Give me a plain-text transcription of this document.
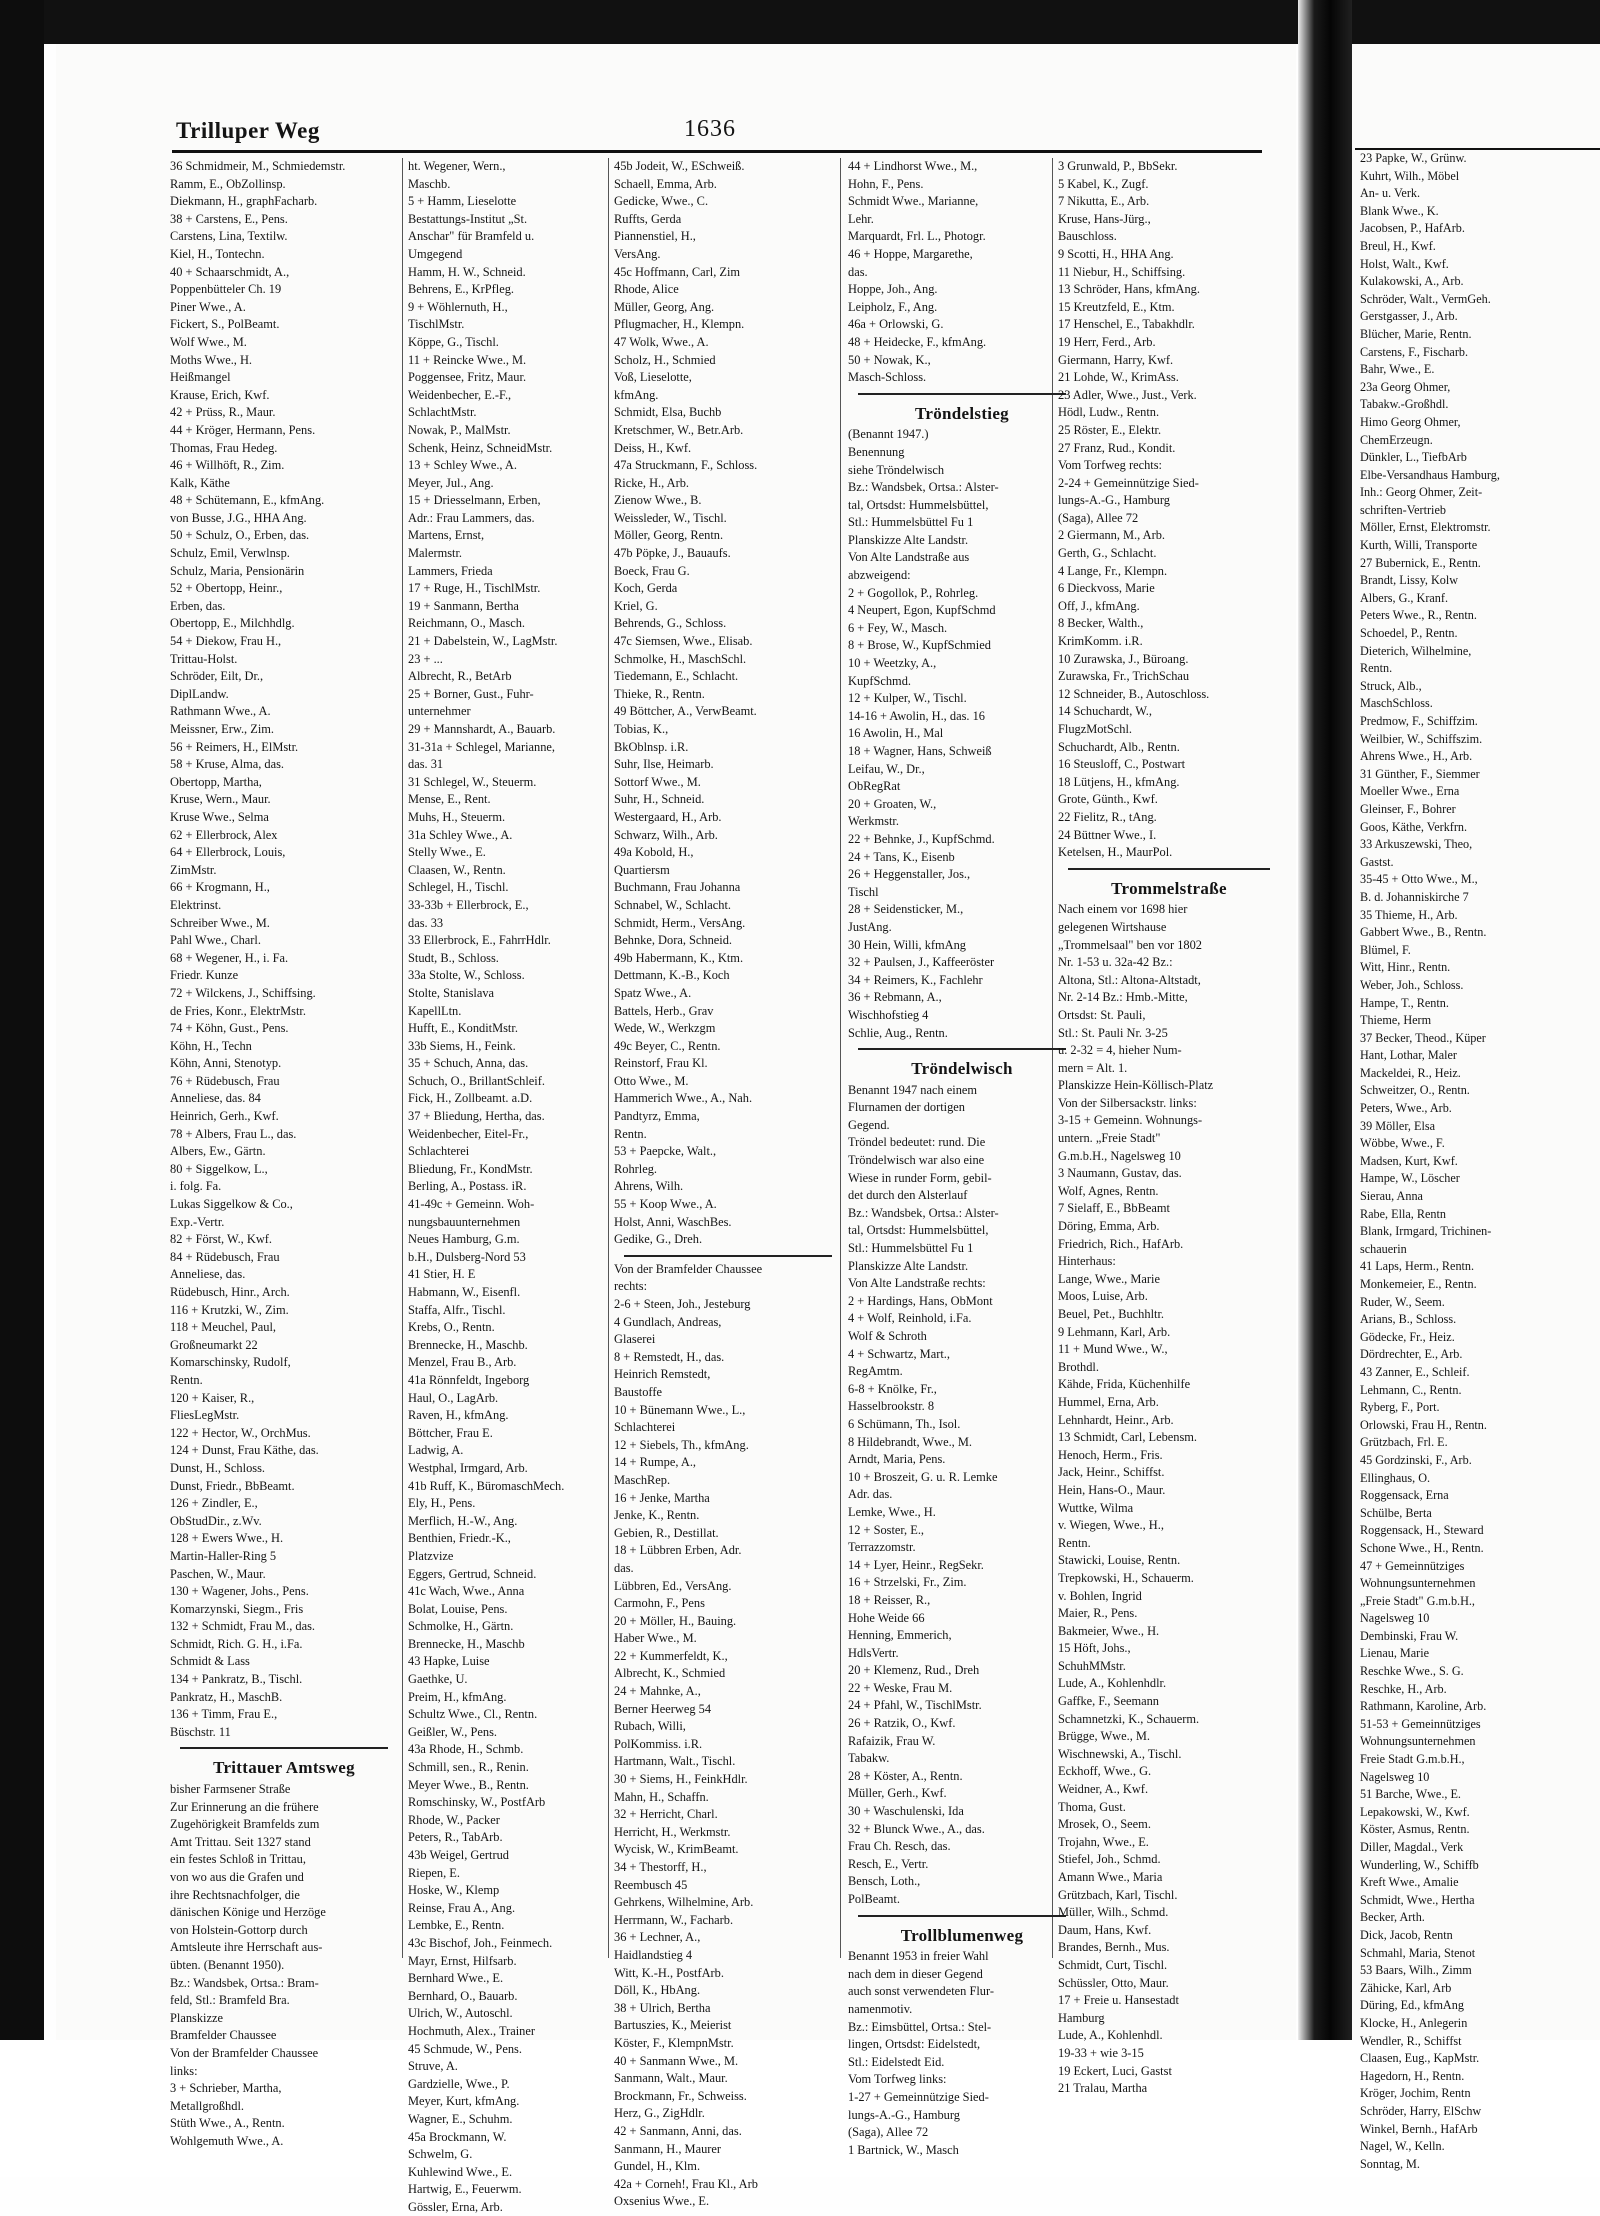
Trilluper Weg	1636
36 Schmidmeir, M., Schmiedemstr.
Ramm, E., ObZollinsp.
Diekmann, H., graphFacharb.
38 + Carstens, E., Pens.
Carstens, Lina, Textilw.
Kiel, H., Tontechn.
40 + Schaarschmidt, A.,
Poppenbütteler Ch. 19
Piner Wwe., A.
Fickert, S., PolBeamt.
Wolf Wwe., M.
Moths Wwe., H.
Heißmangel
Krause, Erich, Kwf.
42 + Prüss, R., Maur.
44 + Kröger, Hermann, Pens.
Thomas, Frau Hedeg.
46 + Willhöft, R., Zim.
Kalk, Käthe
48 + Schütemann, E., kfmAng.
von Busse, J.G., HHA Ang.
50 + Schulz, O., Erben, das.
Schulz, Emil, Verwlnsp.
Schulz, Maria, Pensionärin
52 + Obertopp, Heinr.,
Erben, das.
Obertopp, E., Milchhdlg.
54 + Diekow, Frau H.,
Trittau-Holst.
Schröder, Eilt, Dr.,
DiplLandw.
Rathmann Wwe., A.
Meissner, Erw., Zim.
56 + Reimers, H., ElMstr.
58 + Kruse, Alma, das.
Obertopp, Martha,
Kruse, Wern., Maur.
Kruse Wwe., Selma
62 + Ellerbrock, Alex
64 + Ellerbrock, Louis,
ZimMstr.
66 + Krogmann, H.,
Elektrinst.
Schreiber Wwe., M.
Pahl Wwe., Charl.
68 + Wegener, H., i. Fa.
Friedr. Kunze
72 + Wilckens, J., Schiffsing.
de Fries, Konr., ElektrMstr.
74 + Köhn, Gust., Pens.
Köhn, H., Techn
Köhn, Anni, Stenotyp.
76 + Rüdebusch, Frau
Anneliese, das. 84
Heinrich, Gerh., Kwf.
78 + Albers, Frau L., das.
Albers, Ew., Gärtn.
80 + Siggelkow, L.,
i. folg. Fa.
Lukas Siggelkow & Co.,
Exp.-Vertr.
82 + Först, W., Kwf.
84 + Rüdebusch, Frau
Anneliese, das.
Rüdebusch, Hinr., Arch.
116 + Krutzki, W., Zim.
118 + Meuchel, Paul,
Großneumarkt 22
Komarschinsky, Rudolf,
Rentn.
120 + Kaiser, R.,
FliesLegMstr.
122 + Hector, W., OrchMus.
124 + Dunst, Frau Käthe, das.
Dunst, H., Schloss.
Dunst, Friedr., BbBeamt.
126 + Zindler, E.,
ObStudDir., z.Wv.
128 + Ewers Wwe., H.
Martin-Haller-Ring 5
Paschen, W., Maur.
130 + Wagener, Johs., Pens.
Komarzynski, Siegm., Fris
132 + Schmidt, Frau M., das.
Schmidt, Rich. G. H., i.Fa.
Schmidt & Lass
134 + Pankratz, B., Tischl.
Pankratz, H., MaschB.
136 + Timm, Frau E.,
Büschstr. 11
Trittauer Amtsweg
bisher Farmsener Straße
Zur Erinnerung an die frühere
Zugehörigkeit Bramfelds zum
Amt Trittau. Seit 1327 stand
ein festes Schloß in Trittau,
von wo aus die Grafen und
ihre Rechtsnachfolger, die
dänischen Könige und Herzöge
von Holstein-Gottorp durch
Amtsleute ihre Herrschaft aus-
übten. (Benannt 1950).
Bz.: Wandsbek, Ortsa.: Bram-
feld, Stl.: Bramfeld Bra.
Planskizze
Bramfelder Chaussee
Von der Bramfelder Chaussee
links:
3 + Schrieber, Martha,
Metallgroßhdl.
Stüth Wwe., A., Rentn.
Wohlgemuth Wwe., A.
ht. Wegener, Wern.,
Maschb.
5 + Hamm, Lieselotte
Bestattungs-Institut „St.
Anschar" für Bramfeld u.
Umgegend
Hamm, H. W., Schneid.
Behrens, E., KrPfleg.
9 + Wöhlernuth, H.,
TischlMstr.
Köppe, G., Tischl.
11 + Reincke Wwe., M.
Poggensee, Fritz, Maur.
Weidenbecher, E.-F.,
SchlachtMstr.
Nowak, P., MalMstr.
Schenk, Heinz, SchneidMstr.
13 + Schley Wwe., A.
Meyer, Jul., Ang.
15 + Driesselmann, Erben,
Adr.: Frau Lammers, das.
Martens, Ernst,
Malermstr.
Lammers, Frieda
17 + Ruge, H., TischlMstr.
19 + Sanmann, Bertha
Reichmann, O., Masch.
21 + Dabelstein, W., LagMstr.
23 + ...
Albrecht, R., BetArb
25 + Borner, Gust., Fuhr-
unternehmer
29 + Mannshardt, A., Bauarb.
31-31a + Schlegel, Marianne,
das. 31
31 Schlegel, W., Steuerm.
Mense, E., Rent.
Muhs, H., Steuerm.
31a Schley Wwe., A.
Stelly Wwe., E.
Claasen, W., Rentn.
Schlegel, H., Tischl.
33-33b + Ellerbrock, E.,
das. 33
33 Ellerbrock, E., FahrrHdlr.
Studt, B., Schloss.
33a Stolte, W., Schloss.
Stolte, Stanislava
KapellLtn.
Hufft, E., KonditMstr.
33b Siems, H., Feink.
35 + Schuch, Anna, das.
Schuch, O., BrillantSchleif.
Fick, H., Zollbeamt. a.D.
37 + Bliedung, Hertha, das.
Weidenbecher, Eitel-Fr.,
Schlachterei
Bliedung, Fr., KondMstr.
Berling, A., Postass. iR.
41-49c + Gemeinn. Woh-
nungsbauunternehmen
Neues Hamburg, G.m.
b.H., Dulsberg-Nord 53
41 Stier, H. E
Habmann, W., Eisenfl.
Staffa, Alfr., Tischl.
Krebs, O., Rentn.
Brennecke, H., Maschb.
Menzel, Frau B., Arb.
41a Rönnfeldt, Ingeborg
Haul, O., LagArb.
Raven, H., kfmAng.
Böttcher, Frau E.
Ladwig, A.
Westphal, Irmgard, Arb.
41b Ruff, K., BüromaschMech.
Ely, H., Pens.
Merflich, H.-W., Ang.
Benthien, Friedr.-K.,
Platzvize
Eggers, Gertrud, Schneid.
41c Wach, Wwe., Anna
Bolat, Louise, Pens.
Schmolke, H., Gärtn.
Brennecke, H., Maschb
43 Hapke, Luise
Gaethke, U.
Preim, H., kfmAng.
Schultz Wwe., Cl., Rentn.
Geißler, W., Pens.
43a Rhode, H., Schmb.
Schmill, sen., R., Renin.
Meyer Wwe., B., Rentn.
Romschinsky, W., PostfArb
Rhode, W., Packer
Peters, R., TabArb.
43b Weigel, Gertrud
Riepen, E.
Hoske, W., Klemp
Reinse, Frau A., Ang.
Lembke, E., Rentn.
43c Bischof, Joh., Feinmech.
Mayr, Ernst, Hilfsarb.
Bernhard Wwe., E.
Bernhard, O., Bauarb.
Ulrich, W., Autoschl.
Hochmuth, Alex., Trainer
45 Schmude, W., Pens.
Struve, A.
Gardzielle, Wwe., P.
Meyer, Kurt, kfmAng.
Wagner, E., Schuhm.
45a Brockmann, W.
Schwelm, G.
Kuhlewind Wwe., E.
Hartwig, E., Feuerwm.
Gössler, Erna, Arb.
45b Jodeit, W., ESchweiß.
Schaell, Emma, Arb.
Gedicke, Wwe., C.
Ruffts, Gerda
Piannenstiel, H.,
VersAng.
45c Hoffmann, Carl, Zim
Rhode, Alice
Müller, Georg, Ang.
Pflugmacher, H., Klempn.
47 Wolk, Wwe., A.
Scholz, H., Schmied
Voß, Lieselotte,
kfmAng.
Schmidt, Elsa, Buchb
Kretschmer, W., Betr.Arb.
Deiss, H., Kwf.
47a Struckmann, F., Schloss.
Ricke, H., Arb.
Zienow Wwe., B.
Weissleder, W., Tischl.
Möller, Georg, Rentn.
47b Pöpke, J., Bauaufs.
Boeck, Frau G.
Koch, Gerda
Kriel, G.
Behrends, G., Schloss.
47c Siemsen, Wwe., Elisab.
Schmolke, H., MaschSchl.
Tiedemann, E., Schlacht.
Thieke, R., Rentn.
49 Böttcher, A., VerwBeamt.
Tobias, K.,
BkOblnsp. i.R.
Suhr, Ilse, Heimarb.
Sottorf Wwe., M.
Suhr, H., Schneid.
Westergaard, H., Arb.
Schwarz, Wilh., Arb.
49a Kobold, H.,
Quartiersm
Buchmann, Frau Johanna
Schnabel, W., Schlacht.
Schmidt, Herm., VersAng.
Behnke, Dora, Schneid.
49b Habermann, K., Ktm.
Dettmann, K.-B., Koch
Spatz Wwe., A.
Battels, Herb., Grav
Wede, W., Werkzgm
49c Beyer, C., Rentn.
Reinstorf, Frau Kl.
Otto Wwe., M.
Hammerich Wwe., A., Nah.
Pandtyrz, Emma,
Rentn.
53 + Paepcke, Walt.,
Rohrleg.
Ahrens, Wilh.
55 + Koop Wwe., A.
Holst, Anni, WaschBes.
Gedike, G., Dreh.
Von der Bramfelder Chaussee
rechts:
2-6 + Steen, Joh., Jesteburg
4 Gundlach, Andreas,
Glaserei
8 + Remstedt, H., das.
Heinrich Remstedt,
Baustoffe
10 + Bünemann Wwe., L.,
Schlachterei
12 + Siebels, Th., kfmAng.
14 + Rumpe, A.,
MaschRep.
16 + Jenke, Martha
Jenke, K., Rentn.
Gebien, R., Destillat.
18 + Lübbren Erben, Adr.
das.
Lübbren, Ed., VersAng.
Carmohn, F., Pens
20 + Möller, H., Bauing.
Haber Wwe., M.
22 + Kummerfeldt, K.,
Albrecht, K., Schmied
24 + Mahnke, A.,
Berner Heerweg 54
Rubach, Willi,
PolKommiss. i.R.
Hartmann, Walt., Tischl.
30 + Siems, H., FeinkHdlr.
Mahn, H., Schaffn.
32 + Herricht, Charl.
Herricht, H., Werkmstr.
Wycisk, W., KrimBeamt.
34 + Thestorff, H.,
Reembusch 45
Gehrkens, Wilhelmine, Arb.
Herrmann, W., Facharb.
36 + Lechner, A.,
Haidlandstieg 4
Witt, K.-H., PostfArb.
Döll, K., HbAng.
38 + Ulrich, Bertha
Bartuszies, K., Meierist
Köster, F., KlempnMstr.
40 + Sanmann Wwe., M.
Sanmann, Walt., Maur.
Brockmann, Fr., Schweiss.
Herz, G., ZigHdlr.
42 + Sanmann, Anni, das.
Sanmann, H., Maurer
Gundel, H., Klm.
42a + Corneh!, Frau Kl., Arb
Oxsenius Wwe., E.
44 + Lindhorst Wwe., M.,
Hohn, F., Pens.
Schmidt Wwe., Marianne,
Lehr.
Marquardt, Frl. L., Photogr.
46 + Hoppe, Margarethe,
das.
Hoppe, Joh., Ang.
Leipholz, F., Ang.
46a + Orlowski, G.
48 + Heidecke, F., kfmAng.
50 + Nowak, K.,
Masch-Schloss.
Tröndelstieg
(Benannt 1947.)
Benennung
siehe Tröndelwisch
Bz.: Wandsbek, Ortsa.: Alster-
tal, Ortsdst: Hummelsbüttel,
Stl.: Hummelsbüttel Fu 1
Planskizze Alte Landstr.
Von Alte Landstraße aus
abzweigend:
2 + Gogollok, P., Rohrleg.
4 Neupert, Egon, KupfSchmd
6 + Fey, W., Masch.
8 + Brose, W., KupfSchmied
10 + Weetzky, A.,
KupfSchmd.
12 + Kulper, W., Tischl.
14-16 + Awolin, H., das. 16
16 Awolin, H., Mal
18 + Wagner, Hans, Schweiß
Leifau, W., Dr.,
ObRegRat
20 + Groaten, W.,
Werkmstr.
22 + Behnke, J., KupfSchmd.
24 + Tans, K., Eisenb
26 + Heggenstaller, Jos.,
Tischl
28 + Seidensticker, M.,
JustAng.
30 Hein, Willi, kfmAng
32 + Paulsen, J., Kaffeeröster
34 + Reimers, K., Fachlehr
36 + Rebmann, A.,
Wischhofstieg 4
Schlie, Aug., Rentn.
Tröndelwisch
Benannt 1947 nach einem
Flurnamen der dortigen
Gegend.
Tröndel bedeutet: rund. Die
Tröndelwisch war also eine
Wiese in runder Form, gebil-
det durch den Alsterlauf
Bz.: Wandsbek, Ortsa.: Alster-
tal, Ortsdst: Hummelsbüttel,
Stl.: Hummelsbüttel Fu 1
Planskizze Alte Landstr.
Von Alte Landstraße rechts:
2 + Hardings, Hans, ObMont
4 + Wolf, Reinhold, i.Fa.
Wolf & Schroth
4 + Schwartz, Mart.,
RegAmtm.
6-8 + Knölke, Fr.,
Hasselbrookstr. 8
6 Schümann, Th., Isol.
8 Hildebrandt, Wwe., M.
Arndt, Maria, Pens.
10 + Broszeit, G. u. R. Lemke
Adr. das.
Lemke, Wwe., H.
12 + Soster, E.,
Terrazzomstr.
14 + Lyer, Heinr., RegSekr.
16 + Strzelski, Fr., Zim.
18 + Reisser, R.,
Hohe Weide 66
Henning, Emmerich,
HdlsVertr.
20 + Klemenz, Rud., Dreh
22 + Weske, Frau M.
24 + Pfahl, W., TischlMstr.
26 + Ratzik, O., Kwf.
Rafaizik, Frau W.
Tabakw.
28 + Köster, A., Rentn.
Müller, Gerh., Kwf.
30 + Waschulenski, Ida
32 + Blunck Wwe., A., das.
Frau Ch. Resch, das.
Resch, E., Vertr.
Bensch, Loth.,
PolBeamt.
Trollblumenweg
Benannt 1953 in freier Wahl
nach dem in dieser Gegend
auch sonst verwendeten Flur-
namenmotiv.
Bz.: Eimsbüttel, Ortsa.: Stel-
lingen, Ortsdst: Eidelstedt,
Stl.: Eidelstedt Eid.
Vom Torfweg links:
1-27 + Gemeinnützige Sied-
lungs-A.-G., Hamburg
(Saga), Allee 72
1 Bartnick, W., Masch
3 Grunwald, P., BbSekr.
5 Kabel, K., Zugf.
7 Nikutta, E., Arb.
Kruse, Hans-Jürg.,
Bauschloss.
9 Scotti, H., HHA Ang.
11 Niebur, H., Schiffsing.
13 Schröder, Hans, kfmAng.
15 Kreutzfeld, E., Ktm.
17 Henschel, E., Tabakhdlr.
19 Herr, Ferd., Arb.
Giermann, Harry, Kwf.
21 Lohde, W., KrimAss.
23 Adler, Wwe., Just., Verk.
Hödl, Ludw., Rentn.
25 Röster, E., Elektr.
27 Franz, Rud., Kondit.
Vom Torfweg rechts:
2-24 + Gemeinnützige Sied-
lungs-A.-G., Hamburg
(Saga), Allee 72
2 Giermann, M., Arb.
Gerth, G., Schlacht.
4 Lange, Fr., Klempn.
6 Dieckvoss, Marie
Off, J., kfmAng.
8 Becker, Walth.,
KrimKomm. i.R.
10 Zurawska, J., Büroang.
Zurawska, Fr., TrichSchau
12 Schneider, B., Autoschloss.
14 Schuchardt, W.,
FlugzMotSchl.
Schuchardt, Alb., Rentn.
16 Steusloff, C., Postwart
18 Lütjens, H., kfmAng.
Grote, Günth., Kwf.
22 Fielitz, R., tAng.
24 Büttner Wwe., I.
Ketelsen, H., MaurPol.
Trommelstraße
Nach einem vor 1698 hier
gelegenen Wirtshause
„Trommelsaal" ben vor 1802
Nr. 1-53 u. 32a-42 Bz.:
Altona, Stl.: Altona-Altstadt,
Nr. 2-14 Bz.: Hmb.-Mitte,
Ortsdst: St. Pauli,
Stl.: St. Pauli Nr. 3-25
u. 2-32 = 4, hieher Num-
mern = Alt. 1.
Planskizze Hein-Köllisch-Platz
Von der Silbersackstr. links:
3-15 + Gemeinn. Wohnungs-
untern. „Freie Stadt"
G.m.b.H., Nagelsweg 10
3 Naumann, Gustav, das.
Wolf, Agnes, Rentn.
7 Sielaff, E., BbBeamt
Döring, Emma, Arb.
Friedrich, Rich., HafArb.
Hinterhaus:
Lange, Wwe., Marie
Moos, Luise, Arb.
Beuel, Pet., Buchhltr.
9 Lehmann, Karl, Arb.
11 + Mund Wwe., W.,
Brothdl.
Kähde, Frida, Küchenhilfe
Hummel, Erna, Arb.
Lehnhardt, Heinr., Arb.
13 Schmidt, Carl, Lebensm.
Henoch, Herm., Fris.
Jack, Heinr., Schiffst.
Hein, Hans-O., Maur.
Wuttke, Wilma
v. Wiegen, Wwe., H.,
Rentn.
Stawicki, Louise, Rentn.
Trepkowski, H., Schauerm.
v. Bohlen, Ingrid
Maier, R., Pens.
Bakmeier, Wwe., H.
15 Höft, Johs.,
SchuhMMstr.
Lude, A., Kohlenhdlr.
Gaffke, F., Seemann
Schamnetzki, K., Schauerm.
Brügge, Wwe., M.
Wischnewski, A., Tischl.
Eckhoff, Wwe., G.
Weidner, A., Kwf.
Thoma, Gust.
Mrosek, O., Seem.
Trojahn, Wwe., E.
Stiefel, Joh., Schmd.
Amann Wwe., Maria
Grützbach, Karl, Tischl.
Müller, Wilh., Schmd.
Daum, Hans, Kwf.
Brandes, Bernh., Mus.
Schmidt, Curt, Tischl.
Schüssler, Otto, Maur.
17 + Freie u. Hansestadt
Hamburg
Lude, A., Kohlenhdl.
19-33 + wie 3-15
19 Eckert, Luci, Gastst
21 Tralau, Martha
23 Papke, W., Grünw.
Kuhrt, Wilh., Möbel
An- u. Verk.
Blank Wwe., K.
Jacobsen, P., HafArb.
Breul, H., Kwf.
Holst, Walt., Kwf.
Kulakowski, A., Arb.
Schröder, Walt., VermGeh.
Gerstgasser, J., Arb.
Blücher, Marie, Rentn.
Carstens, F., Fischarb.
Bahr, Wwe., E.
23a Georg Ohmer,
Tabakw.-Großhdl.
Himo Georg Ohmer,
ChemErzeugn.
Dünkler, L., TiefbArb
Elbe-Versandhaus Hamburg,
Inh.: Georg Ohmer, Zeit-
schriften-Vertrieb
Möller, Ernst, Elektromstr.
Kurth, Willi, Transporte
27 Bubernick, E., Rentn.
Brandt, Lissy, Kolw
Albers, G., Kranf.
Peters Wwe., R., Rentn.
Schoedel, P., Rentn.
Dieterich, Wilhelmine,
Rentn.
Struck, Alb.,
MaschSchloss.
Predmow, F., Schiffzim.
Weilbier, W., Schiffszim.
Ahrens Wwe., H., Arb.
31 Günther, F., Siemmer
Moeller Wwe., Erna
Gleinser, F., Bohrer
Goos, Käthe, Verkfrn.
33 Arkuszewski, Theo,
Gastst.
35-45 + Otto Wwe., M.,
B. d. Johanniskirche 7
35 Thieme, H., Arb.
Gabbert Wwe., B., Rentn.
Blümel, F.
Witt, Hinr., Rentn.
Weber, Joh., Schloss.
Hampe, T., Rentn.
Thieme, Herm
37 Becker, Theod., Küper
Hant, Lothar, Maler
Mackeldei, R., Heiz.
Schweitzer, O., Rentn.
Peters, Wwe., Arb.
39 Möller, Elsa
Wöbbe, Wwe., F.
Madsen, Kurt, Kwf.
Hampe, W., Löscher
Sierau, Anna
Rabe, Ella, Rentn
Blank, Irmgard, Trichinen-
schauerin
41 Laps, Herm., Rentn.
Monkemeier, E., Rentn.
Ruder, W., Seem.
Arians, B., Schloss.
Gödecke, Fr., Heiz.
Dördrechter, E., Arb.
43 Zanner, E., Schleif.
Lehmann, C., Rentn.
Ryberg, F., Port.
Orlowski, Frau H., Rentn.
Grützbach, Frl. E.
45 Gordzinski, F., Arb.
Ellinghaus, O.
Roggensack, Erna
Schülbe, Berta
Roggensack, H., Steward
Schone Wwe., H., Rentn.
47 + Gemeinnütziges
Wohnungsunternehmen
„Freie Stadt" G.m.b.H.,
Nagelsweg 10
Dembinski, Frau W.
Lienau, Marie
Reschke Wwe., S. G.
Reschke, H., Arb.
Rathmann, Karoline, Arb.
51-53 + Gemeinnütziges
Wohnungsunternehmen
Freie Stadt G.m.b.H.,
Nagelsweg 10
51 Barche, Wwe., E.
Lepakowski, W., Kwf.
Köster, Asmus, Rentn.
Diller, Magdal., Verk
Wunderling, W., Schiffb
Kreft Wwe., Amalie
Schmidt, Wwe., Hertha
Becker, Arth.
Dick, Jacob, Rentn
Schmahl, Maria, Stenot
53 Baars, Wilh., Zimm
Zähicke, Karl, Arb
Düring, Ed., kfmAng
Klocke, H., Anlegerin
Wendler, R., Schiffst
Claasen, Eug., KapMstr.
Hagedorn, H., Rentn.
Kröger, Jochim, Rentn
Schröder, Harry, ElSchw
Winkel, Bernh., HafArb
Nagel, W., Kelln.
Sonntag, M.
